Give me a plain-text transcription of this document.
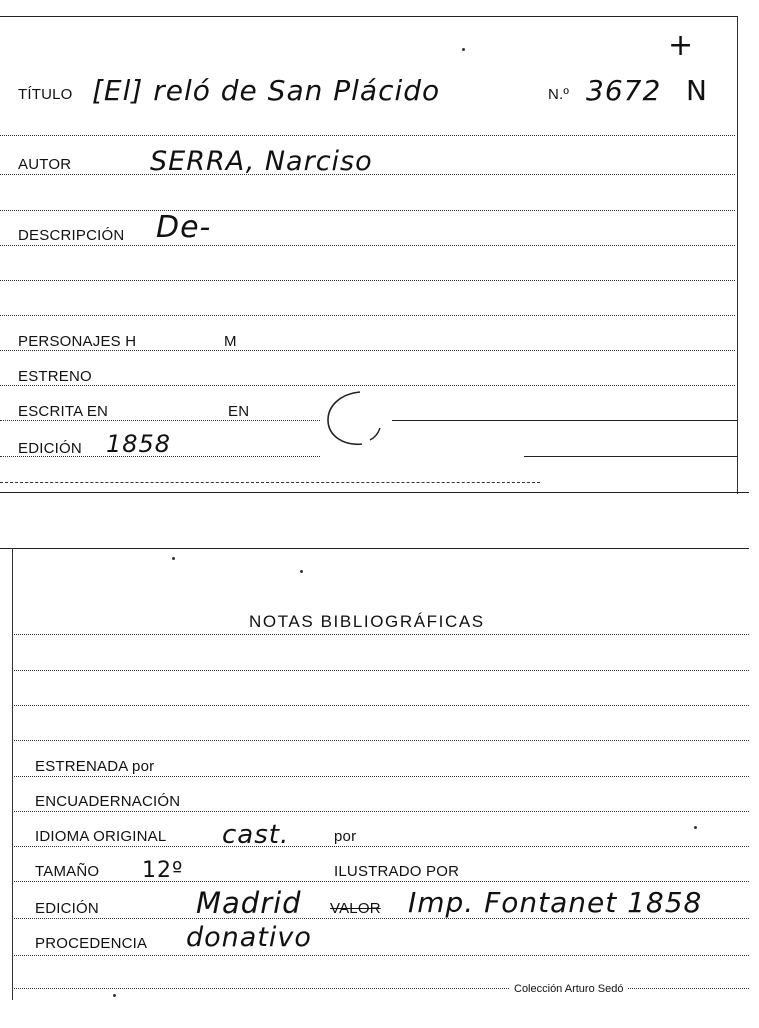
+
TÍTULO [El] reló de San Plácido	N.º 3672 N
AUTOR	SERRA, Narciso
DESCRIPCIÓN De-
PERSONAJES H	M
ESTRENO
ESCRITA EN	EN
EDICIÓN 1858
NOTAS BIBLIOGRÁFICAS
ESTRENADA por
ENCUADERNACIÓN
IDIOMA ORIGINAL cast.	por
TAMAÑO 12º	ILUSTRADO POR
EDICIÓN	Madrid VALOR Imp. Fontanet 1858
PROCEDENCIA donativo
Colección Arturo Sedó
